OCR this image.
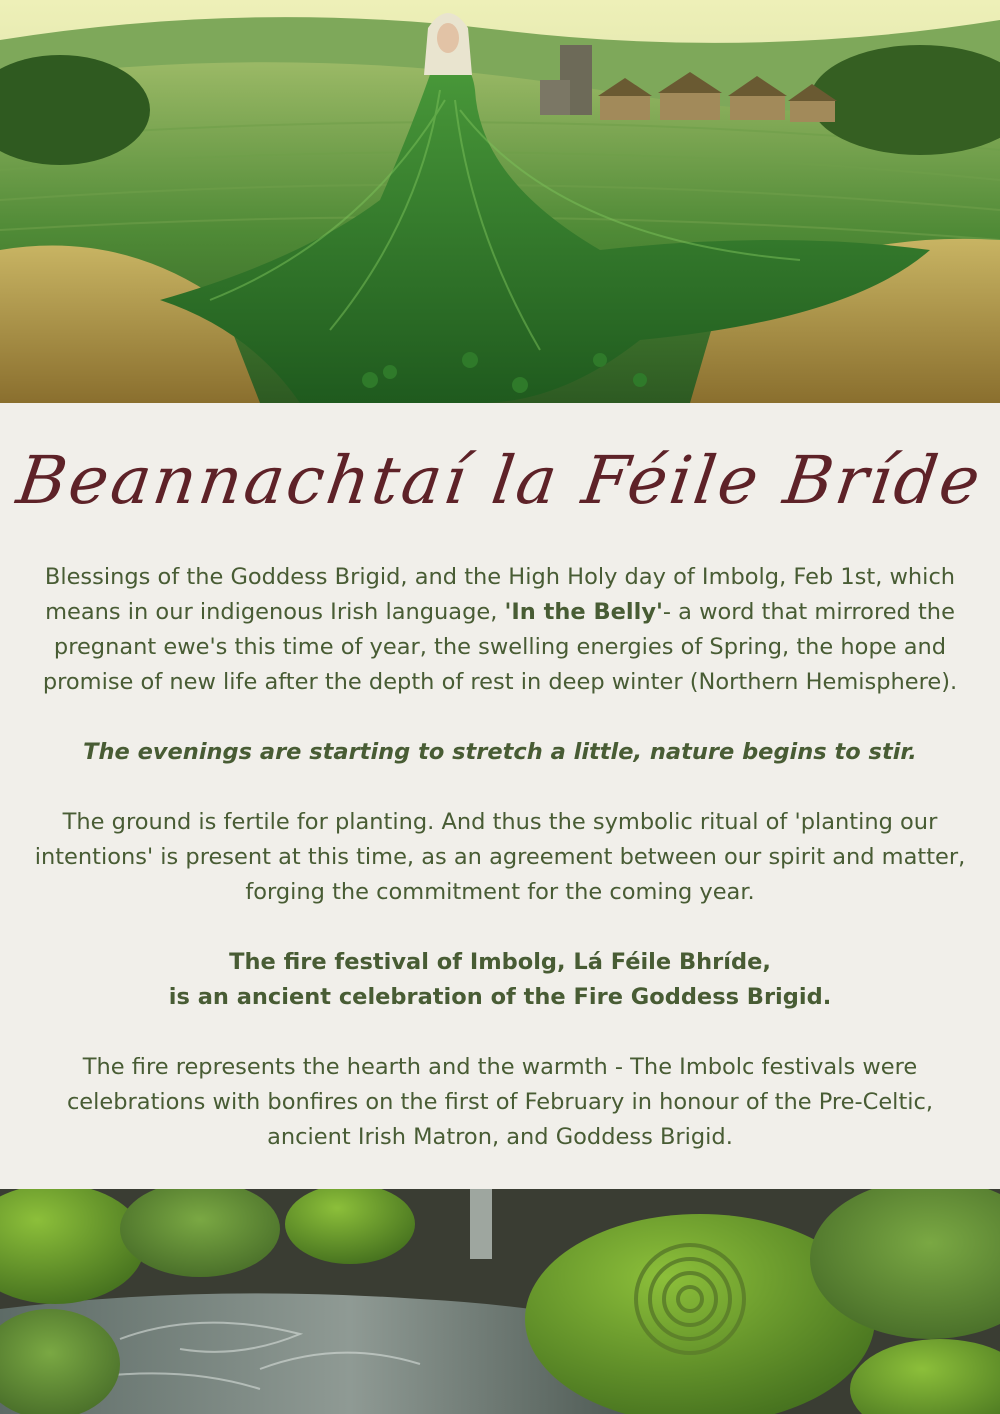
Beannachtaí la Féile Bríde

Blessings of the Goddess Brigid, and the High Holy day of Imbolg, Feb 1st, which means in our indigenous Irish language, 'In the Belly'- a word that mirrored the pregnant ewe's this time of year, the swelling energies of Spring, the hope and promise of new life after the depth of rest in deep winter (Northern Hemisphere).

The evenings are starting to stretch a little, nature begins to stir.

The ground is fertile for planting. And thus the symbolic ritual of 'planting our intentions' is present at this time, as an agreement between our spirit and matter, forging the commitment for the coming year.

The fire festival of Imbolg, Lá Féile Bhríde,
is an ancient celebration of the Fire Goddess Brigid.

The fire represents the hearth and the warmth - The Imbolc festivals were celebrations with bonfires on the first of February in honour of the Pre-Celtic, ancient Irish Matron, and Goddess Brigid.
